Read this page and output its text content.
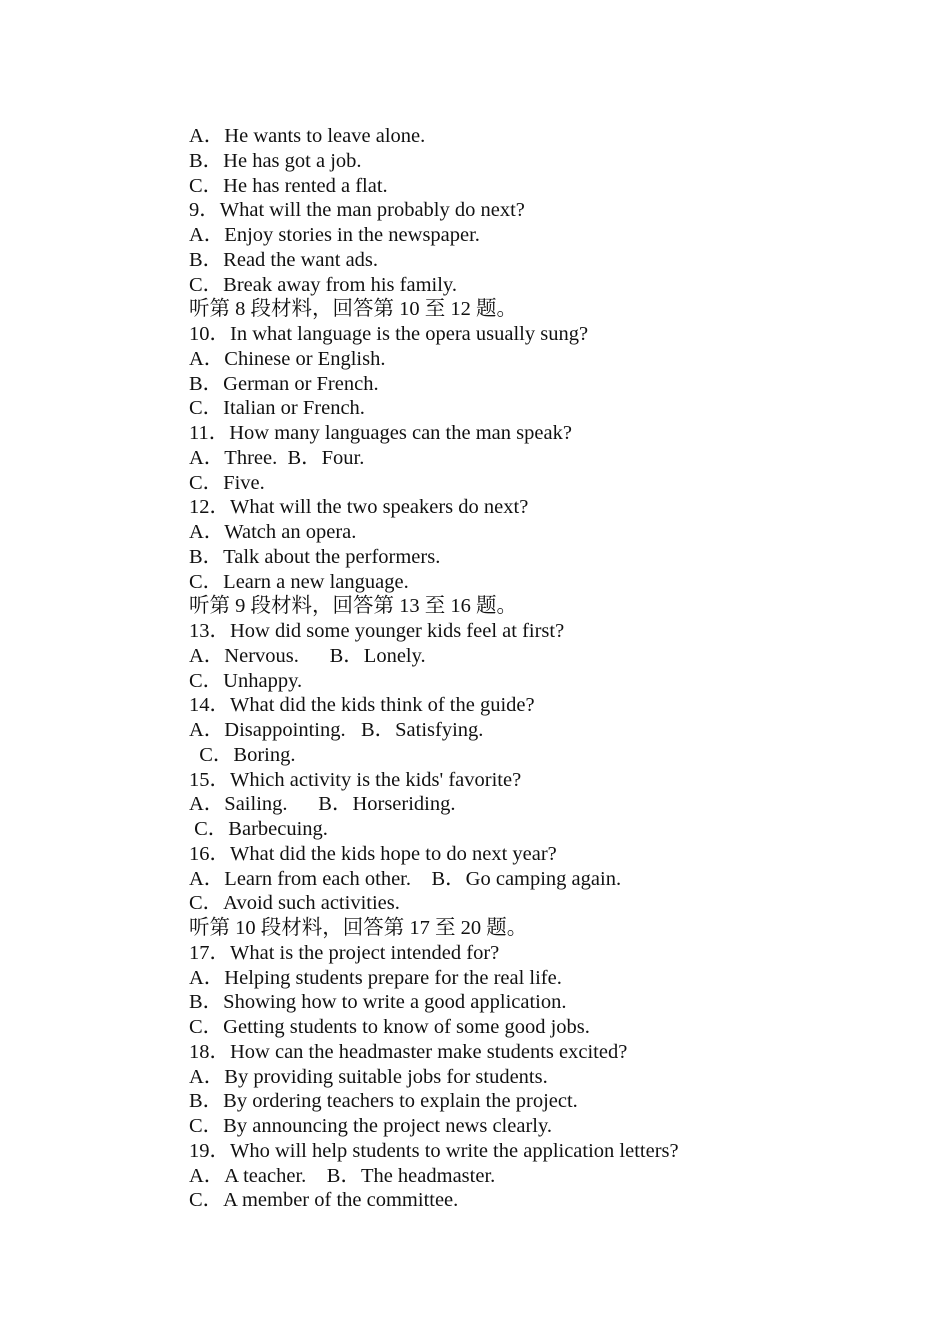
A．He wants to leave alone.
B．He has got a job.
C．He has rented a flat.
9．What will the man probably do next?
A．Enjoy stories in the newspaper.
B．Read the want ads.
C．Break away from his family.
听第 8 段材料，回答第 10 至 12 题。
10．In what language is the opera usually sung?
A．Chinese or English.
B．German or French.
C．Italian or French.
11．How many languages can the man speak?
A．Three.  B．Four.
C．Five.
12．What will the two speakers do next?
A．Watch an opera.
B．Talk about the performers.
C．Learn a new language.
听第 9 段材料，回答第 13 至 16 题。
13．How did some younger kids feel at first?
A．Nervous.      B．Lonely.
C．Unhappy.
14．What did the kids think of the guide?
A．Disappointing.   B．Satisfying.
C．Boring.
15．Which activity is the kids' favorite?
A．Sailing.      B．Horseriding.
C．Barbecuing.
16．What did the kids hope to do next year?
A．Learn from each other.    B．Go camping again.
C．Avoid such activities.
听第 10 段材料，回答第 17 至 20 题。
17．What is the project intended for?
A．Helping students prepare for the real life.
B．Showing how to write a good application.
C．Getting students to know of some good jobs.
18．How can the headmaster make students excited?
A．By providing suitable jobs for students.
B．By ordering teachers to explain the project.
C．By announcing the project news clearly.
19．Who will help students to write the application letters?
A．A teacher.    B．The headmaster.
C．A member of the committee.
